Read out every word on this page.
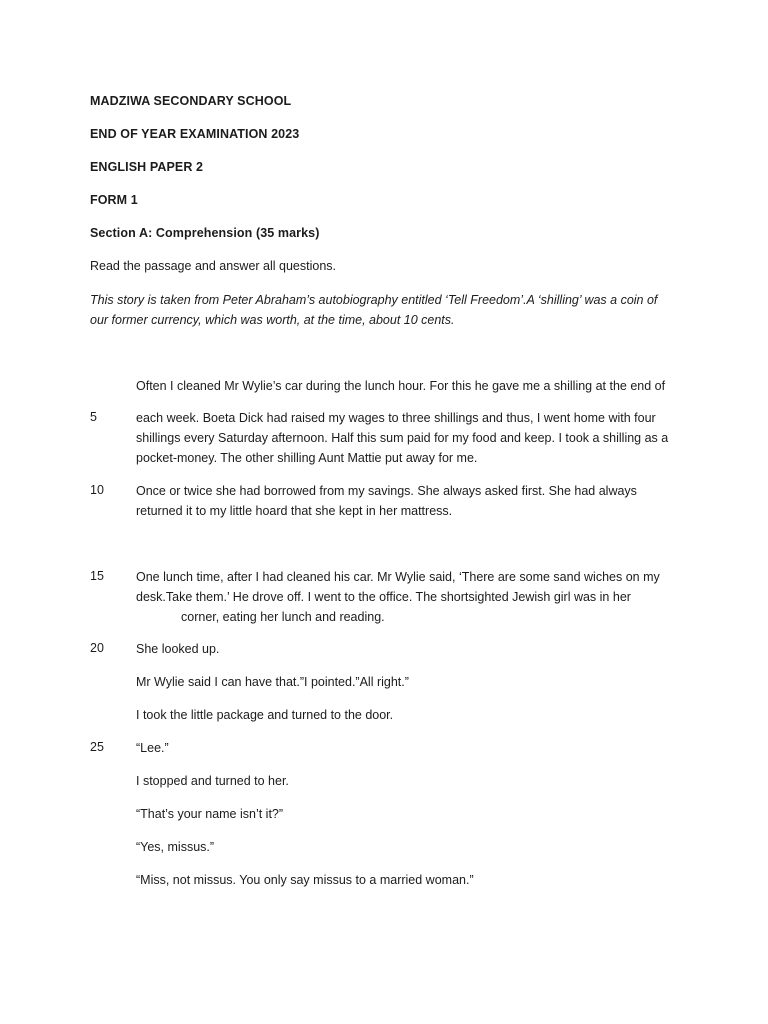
MADZIWA SECONDARY SCHOOL
END OF YEAR EXAMINATION 2023
ENGLISH PAPER 2
FORM 1
Section A: Comprehension (35 marks)
Read the passage and answer all questions.
This story is taken from Peter Abraham’s autobiography entitled ‘Tell Freedom’.A ‘shilling’ was a coin of
our former currency, which was worth, at the time, about 10 cents.
Often I cleaned Mr Wylie’s car during the lunch hour. For this he gave me a shilling at the end of
5	each week. Boeta Dick had raised my wages to three shillings and thus, I went home with four
shillings every Saturday afternoon. Half this sum paid for my food and keep. I took a shilling as a
pocket-money. The other shilling Aunt Mattie put away for me.
10	Once or twice she had borrowed from my savings. She always asked first. She had always
returned it to my little hoard that she kept in her mattress.
15	One lunch time, after I had cleaned his car. Mr Wylie said, ‘There are some sand wiches on my
desk.Take them.’ He drove off. I went to the office. The shortsighted Jewish girl was in her
corner, eating her lunch and reading.
20	She looked up.
Mr Wylie said I can have that.”I pointed.”All right.”
I took the little package and turned to the door.
25	“Lee.”
I stopped and turned to her.
“That’s your name isn’t it?”
“Yes, missus.”
“Miss, not missus. You only say missus to a married woman.”
